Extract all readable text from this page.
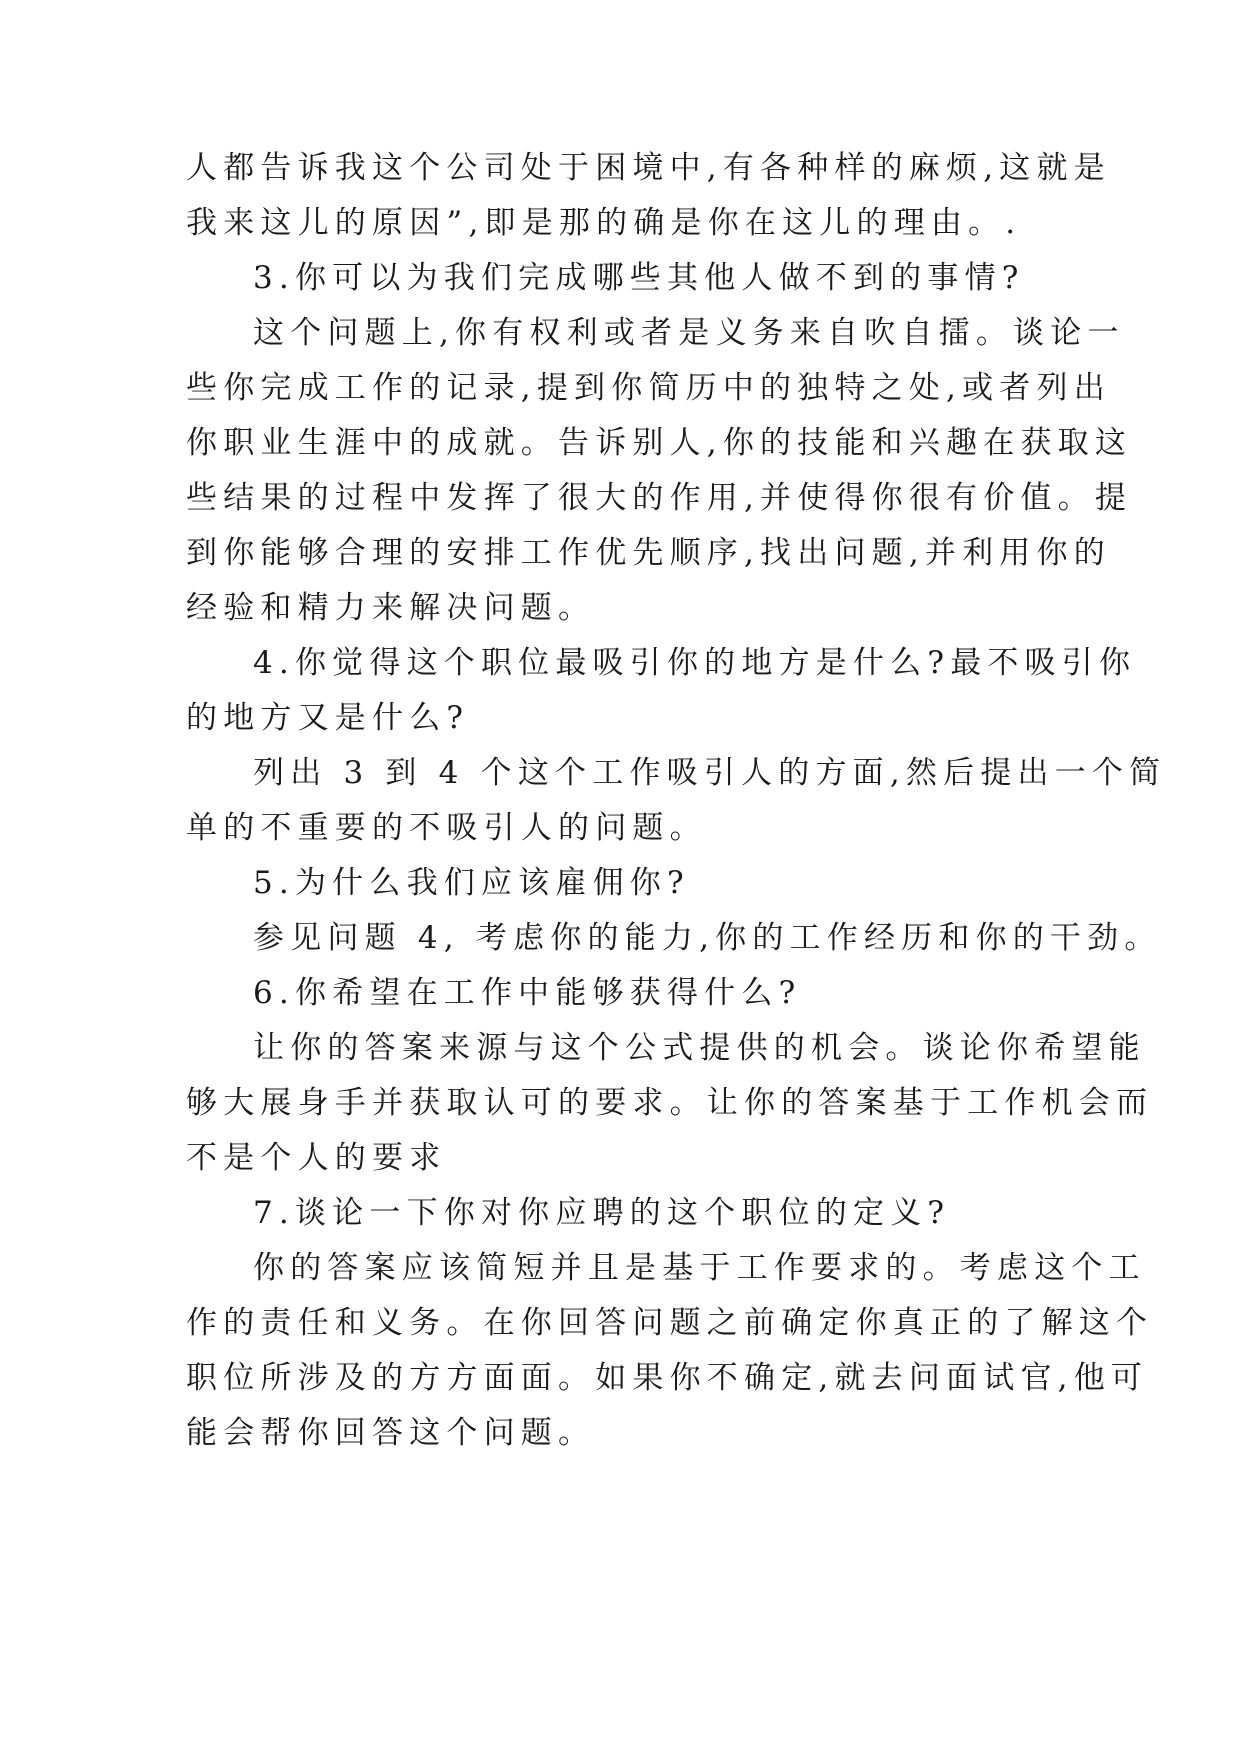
人都告诉我这个公司处于困境中,有各种样的麻烦,这就是
我来这儿的原因”,即是那的确是你在这儿的理由。.
3.你可以为我们完成哪些其他人做不到的事情?
这个问题上,你有权利或者是义务来自吹自擂。谈论一
些你完成工作的记录,提到你简历中的独特之处,或者列出
你职业生涯中的成就。告诉别人,你的技能和兴趣在获取这
些结果的过程中发挥了很大的作用,并使得你很有价值。提
到你能够合理的安排工作优先顺序,找出问题,并利用你的
经验和精力来解决问题。
4.你觉得这个职位最吸引你的地方是什么?最不吸引你
的地方又是什么?
列出 3 到 4 个这个工作吸引人的方面,然后提出一个简
单的不重要的不吸引人的问题。
5.为什么我们应该雇佣你?
参见问题 4, 考虑你的能力,你的工作经历和你的干劲。
6.你希望在工作中能够获得什么?
让你的答案来源与这个公式提供的机会。谈论你希望能
够大展身手并获取认可的要求。让你的答案基于工作机会而
不是个人的要求
7.谈论一下你对你应聘的这个职位的定义?
你的答案应该简短并且是基于工作要求的。考虑这个工
作的责任和义务。在你回答问题之前确定你真正的了解这个
职位所涉及的方方面面。如果你不确定,就去问面试官,他可
能会帮你回答这个问题。
